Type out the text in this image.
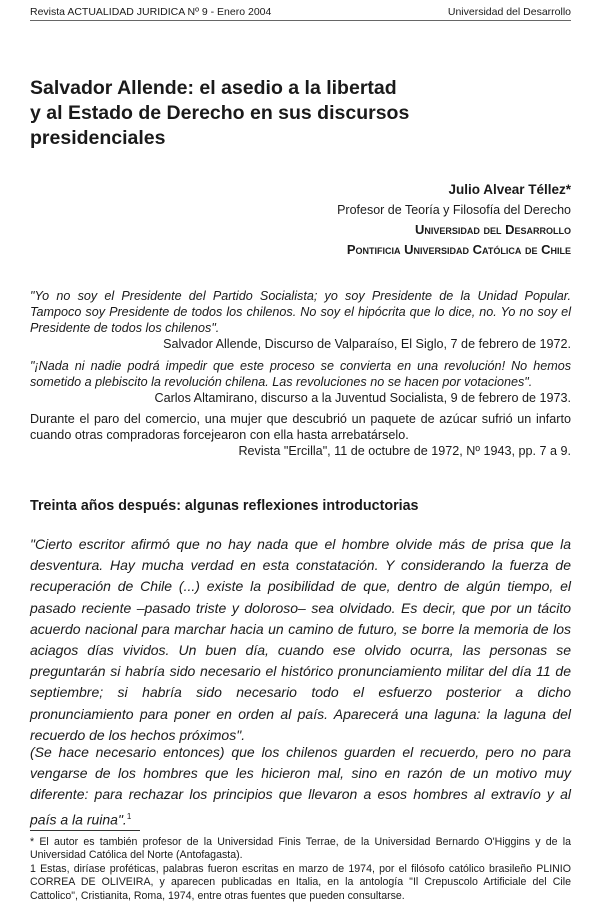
Revista ACTUALIDAD JURIDICA Nº 9 - Enero 2004	Universidad del Desarrollo
Salvador Allende: el asedio a la libertad
y al Estado de Derecho en sus discursos
presidenciales
Julio Alvear Téllez*
Profesor de Teoría y Filosofía del Derecho
Universidad del Desarrollo
Pontificia Universidad Católica de Chile
"Yo no soy el Presidente del Partido Socialista; yo soy Presidente de la Unidad Popular. Tampoco soy Presidente de todos los chilenos. No soy el hipócrita que lo dice, no. Yo no soy el Presidente de todos los chilenos".
Salvador Allende, Discurso de Valparaíso, El Siglo, 7 de febrero de 1972.
"¡Nada ni nadie podrá impedir que este proceso se convierta en una revolución! No hemos sometido a plebiscito la revolución chilena. Las revoluciones no se hacen por votaciones".
Carlos Altamirano, discurso a la Juventud Socialista, 9 de febrero de 1973.
Durante el paro del comercio, una mujer que descubrió un paquete de azúcar sufrió un infarto cuando otras compradoras forcejearon con ella hasta arrebatárselo.
Revista "Ercilla", 11 de octubre de 1972, Nº 1943, pp. 7 a 9.
Treinta años después: algunas reflexiones introductorias

"Cierto escritor afirmó que no hay nada que el hombre olvide más de prisa que la desventura. Hay mucha verdad en esta constatación. Y considerando la fuerza de recuperación de Chile (...) existe la posibilidad de que, dentro de algún tiempo, el pasado reciente –pasado triste y doloroso– sea olvidado. Es decir, que por un tácito acuerdo nacional para marchar hacia un camino de futuro, se borre la memoria de los aciagos días vividos. Un buen día, cuando ese olvido ocurra, las personas se preguntarán si habría sido necesario el histórico pronunciamiento militar del día 11 de septiembre; si habría sido necesario todo el esfuerzo posterior a dicho pronunciamiento para poner en orden al país. Aparecerá una laguna: la laguna del recuerdo de los hechos próximos".

(Se hace necesario entonces) que los chilenos guarden el recuerdo, pero no para vengarse de los hombres que les hicieron mal, sino en razón de un motivo muy diferente: para rechazar los principios que llevaron a esos hombres al extravío y al país a la ruina".$^1$

* El autor es también profesor de la Universidad Finis Terrae, de la Universidad Bernardo O'Higgins y de la Universidad Católica del Norte (Antofagasta).

1 Estas, diríase proféticas, palabras fueron escritas en marzo de 1974, por el filósofo católico brasileño PLINIO CORREA DE OLIVEIRA, y aparecen publicadas en Italia, en la antología "Il Crepuscolo Artificiale del Cile Cattolico", Cristianita, Roma, 1974, entre otras fuentes que pueden consultarse.
